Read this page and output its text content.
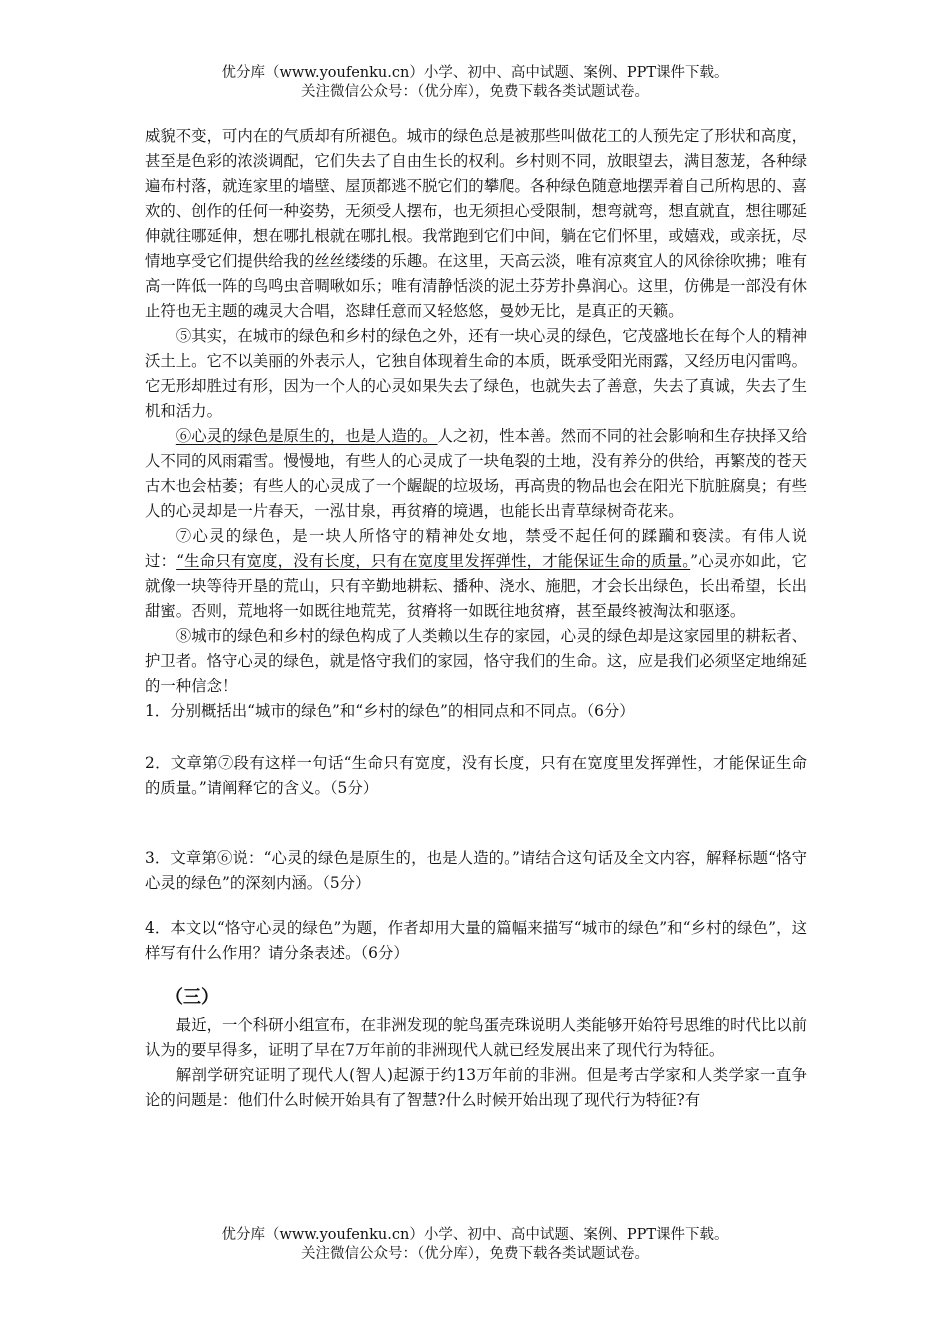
优分库（www.youfenku.cn）小学、初中、高中试题、案例、PPT课件下载。
关注微信公众号：（优分库），免费下载各类试题试卷。

威貌不变，可内在的气质却有所褪色。城市的绿色总是被那些叫做花工的人预先定了形状和高度，甚至是色彩的浓淡调配，它们失去了自由生长的权利。乡村则不同，放眼望去，满目葱茏，各种绿遍布村落，就连家里的墙壁、屋顶都逃不脱它们的攀爬。各种绿色随意地摆弄着自己所构思的、喜欢的、创作的任何一种姿势，无须受人摆布，也无须担心受限制，想弯就弯，想直就直，想往哪延伸就往哪延伸，想在哪扎根就在哪扎根。我常跑到它们中间，躺在它们怀里，或嬉戏，或亲抚，尽情地享受它们提供给我的丝丝缕缕的乐趣。在这里，天高云淡，唯有凉爽宜人的风徐徐吹拂；唯有高一阵低一阵的鸟鸣虫音啁啾如乐；唯有清静恬淡的泥土芬芳扑鼻润心。这里，仿佛是一部没有休止符也无主题的魂灵大合唱，恣肆任意而又轻悠悠，曼妙无比，是真正的天籁。

⑤其实，在城市的绿色和乡村的绿色之外，还有一块心灵的绿色，它茂盛地长在每个人的精神沃土上。它不以美丽的外表示人，它独自体现着生命的本质，既承受阳光雨露，又经历电闪雷鸣。它无形却胜过有形，因为一个人的心灵如果失去了绿色，也就失去了善意，失去了真诚，失去了生机和活力。

⑥心灵的绿色是原生的，也是人造的。人之初，性本善。然而不同的社会影响和生存抉择又给人不同的风雨霜雪。慢慢地，有些人的心灵成了一块龟裂的土地，没有养分的供给，再繁茂的苍天古木也会枯萎；有些人的心灵成了一个龌龊的垃圾场，再高贵的物品也会在阳光下肮脏腐臭；有些人的心灵却是一片春天，一泓甘泉，再贫瘠的境遇，也能长出青草绿树奇花来。

⑦心灵的绿色，是一块人所恪守的精神处女地，禁受不起任何的蹂躏和亵渎。有伟人说过：“生命只有宽度，没有长度，只有在宽度里发挥弹性，才能保证生命的质量。”心灵亦如此，它就像一块等待开垦的荒山，只有辛勤地耕耘、播种、浇水、施肥，才会长出绿色，长出希望，长出甜蜜。否则，荒地将一如既往地荒芜，贫瘠将一如既往地贫瘠，甚至最终被淘汰和驱逐。

⑧城市的绿色和乡村的绿色构成了人类赖以生存的家园，心灵的绿色却是这家园里的耕耘者、护卫者。恪守心灵的绿色，就是恪守我们的家园，恪守我们的生命。这，应是我们必须坚定地绵延的一种信念！

1．分别概括出“城市的绿色”和“乡村的绿色”的相同点和不同点。（6分）

2．文章第⑦段有这样一句话“生命只有宽度，没有长度，只有在宽度里发挥弹性，才能保证生命的质量。”请阐释它的含义。（5分）

3．文章第⑥说：“心灵的绿色是原生的，也是人造的。”请结合这句话及全文内容，解释标题“恪守心灵的绿色”的深刻内涵。（5分）

4．本文以“恪守心灵的绿色”为题，作者却用大量的篇幅来描写“城市的绿色”和“乡村的绿色”，这样写有什么作用？请分条表述。（6分）

（三）

最近，一个科研小组宣布，在非洲发现的鸵鸟蛋壳珠说明人类能够开始符号思维的时代比以前认为的要早得多，证明了早在7万年前的非洲现代人就已经发展出来了现代行为特征。

解剖学研究证明了现代人(智人)起源于约13万年前的非洲。但是考古学家和人类学家一直争论的问题是：他们什么时候开始具有了智慧?什么时候开始出现了现代行为特征?有

优分库（www.youfenku.cn）小学、初中、高中试题、案例、PPT课件下载。
关注微信公众号：（优分库），免费下载各类试题试卷。
